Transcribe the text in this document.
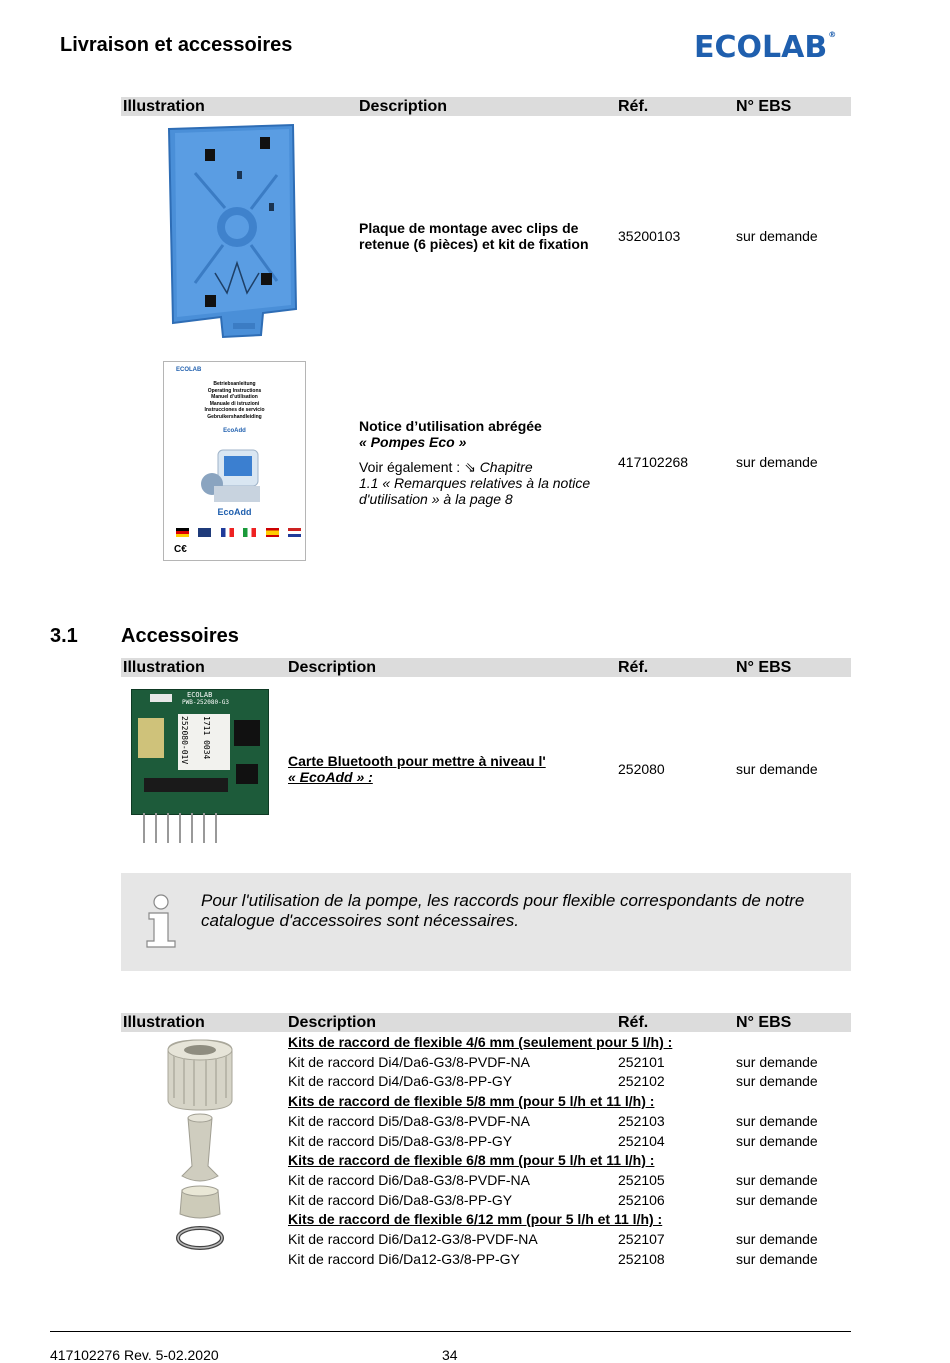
Livraison et accessoires	ECOLAB®
Illustration	Description	Réf.	N° EBS
Plaque de montage avec clips de
retenue (6 pièces) et kit de fixation 35200103	sur demande
ECOLAB
Betriebsanleitung
Operating Instructions
Manuel d’utilisation
Manuale di istruzioni
Instrucciones de servicio
Gebruikershandleiding
EcoAdd
EcoAdd

C€
Notice d’utilisation abrégée
« Pompes Eco »
Voir également : ⇘ Chapitre
1.1 « Remarques relatives à la notice
d'utilisation » à la page 8
417102268	sur demande
3.1 Accessoires
Illustration	Description	Réf.	N° EBS
ECOLAB
PWB-252080-G3
252080-01V 1711 0034
Carte Bluetooth pour mettre à niveau l'
« EcoAdd » :	252080	sur demande
Pour l'utilisation de la pompe, les raccords pour flexible correspondants de notre catalogue d'accessoires sont nécessaires.
Illustration	Description	Réf.	N° EBS
Kits de raccord de flexible 4/6 mm (seulement pour 5 l/h) :
Kit de raccord Di4/Da6-G3/8-PVDF-NA	252101	sur demande
Kit de raccord Di4/Da6-G3/8-PP-GY	252102	sur demande
Kits de raccord de flexible 5/8 mm (pour 5 l/h et 11 l/h) :
Kit de raccord Di5/Da8-G3/8-PVDF-NA	252103	sur demande
Kit de raccord Di5/Da8-G3/8-PP-GY	252104	sur demande
Kits de raccord de flexible 6/8 mm (pour 5 l/h et 11 l/h) :
Kit de raccord Di6/Da8-G3/8-PVDF-NA	252105	sur demande
Kit de raccord Di6/Da8-G3/8-PP-GY	252106	sur demande
Kits de raccord de flexible 6/12 mm (pour 5 l/h et 11 l/h) :
Kit de raccord Di6/Da12-G3/8-PVDF-NA	252107	sur demande
Kit de raccord Di6/Da12-G3/8-PP-GY	252108	sur demande
417102276 Rev. 5-02.2020	34
